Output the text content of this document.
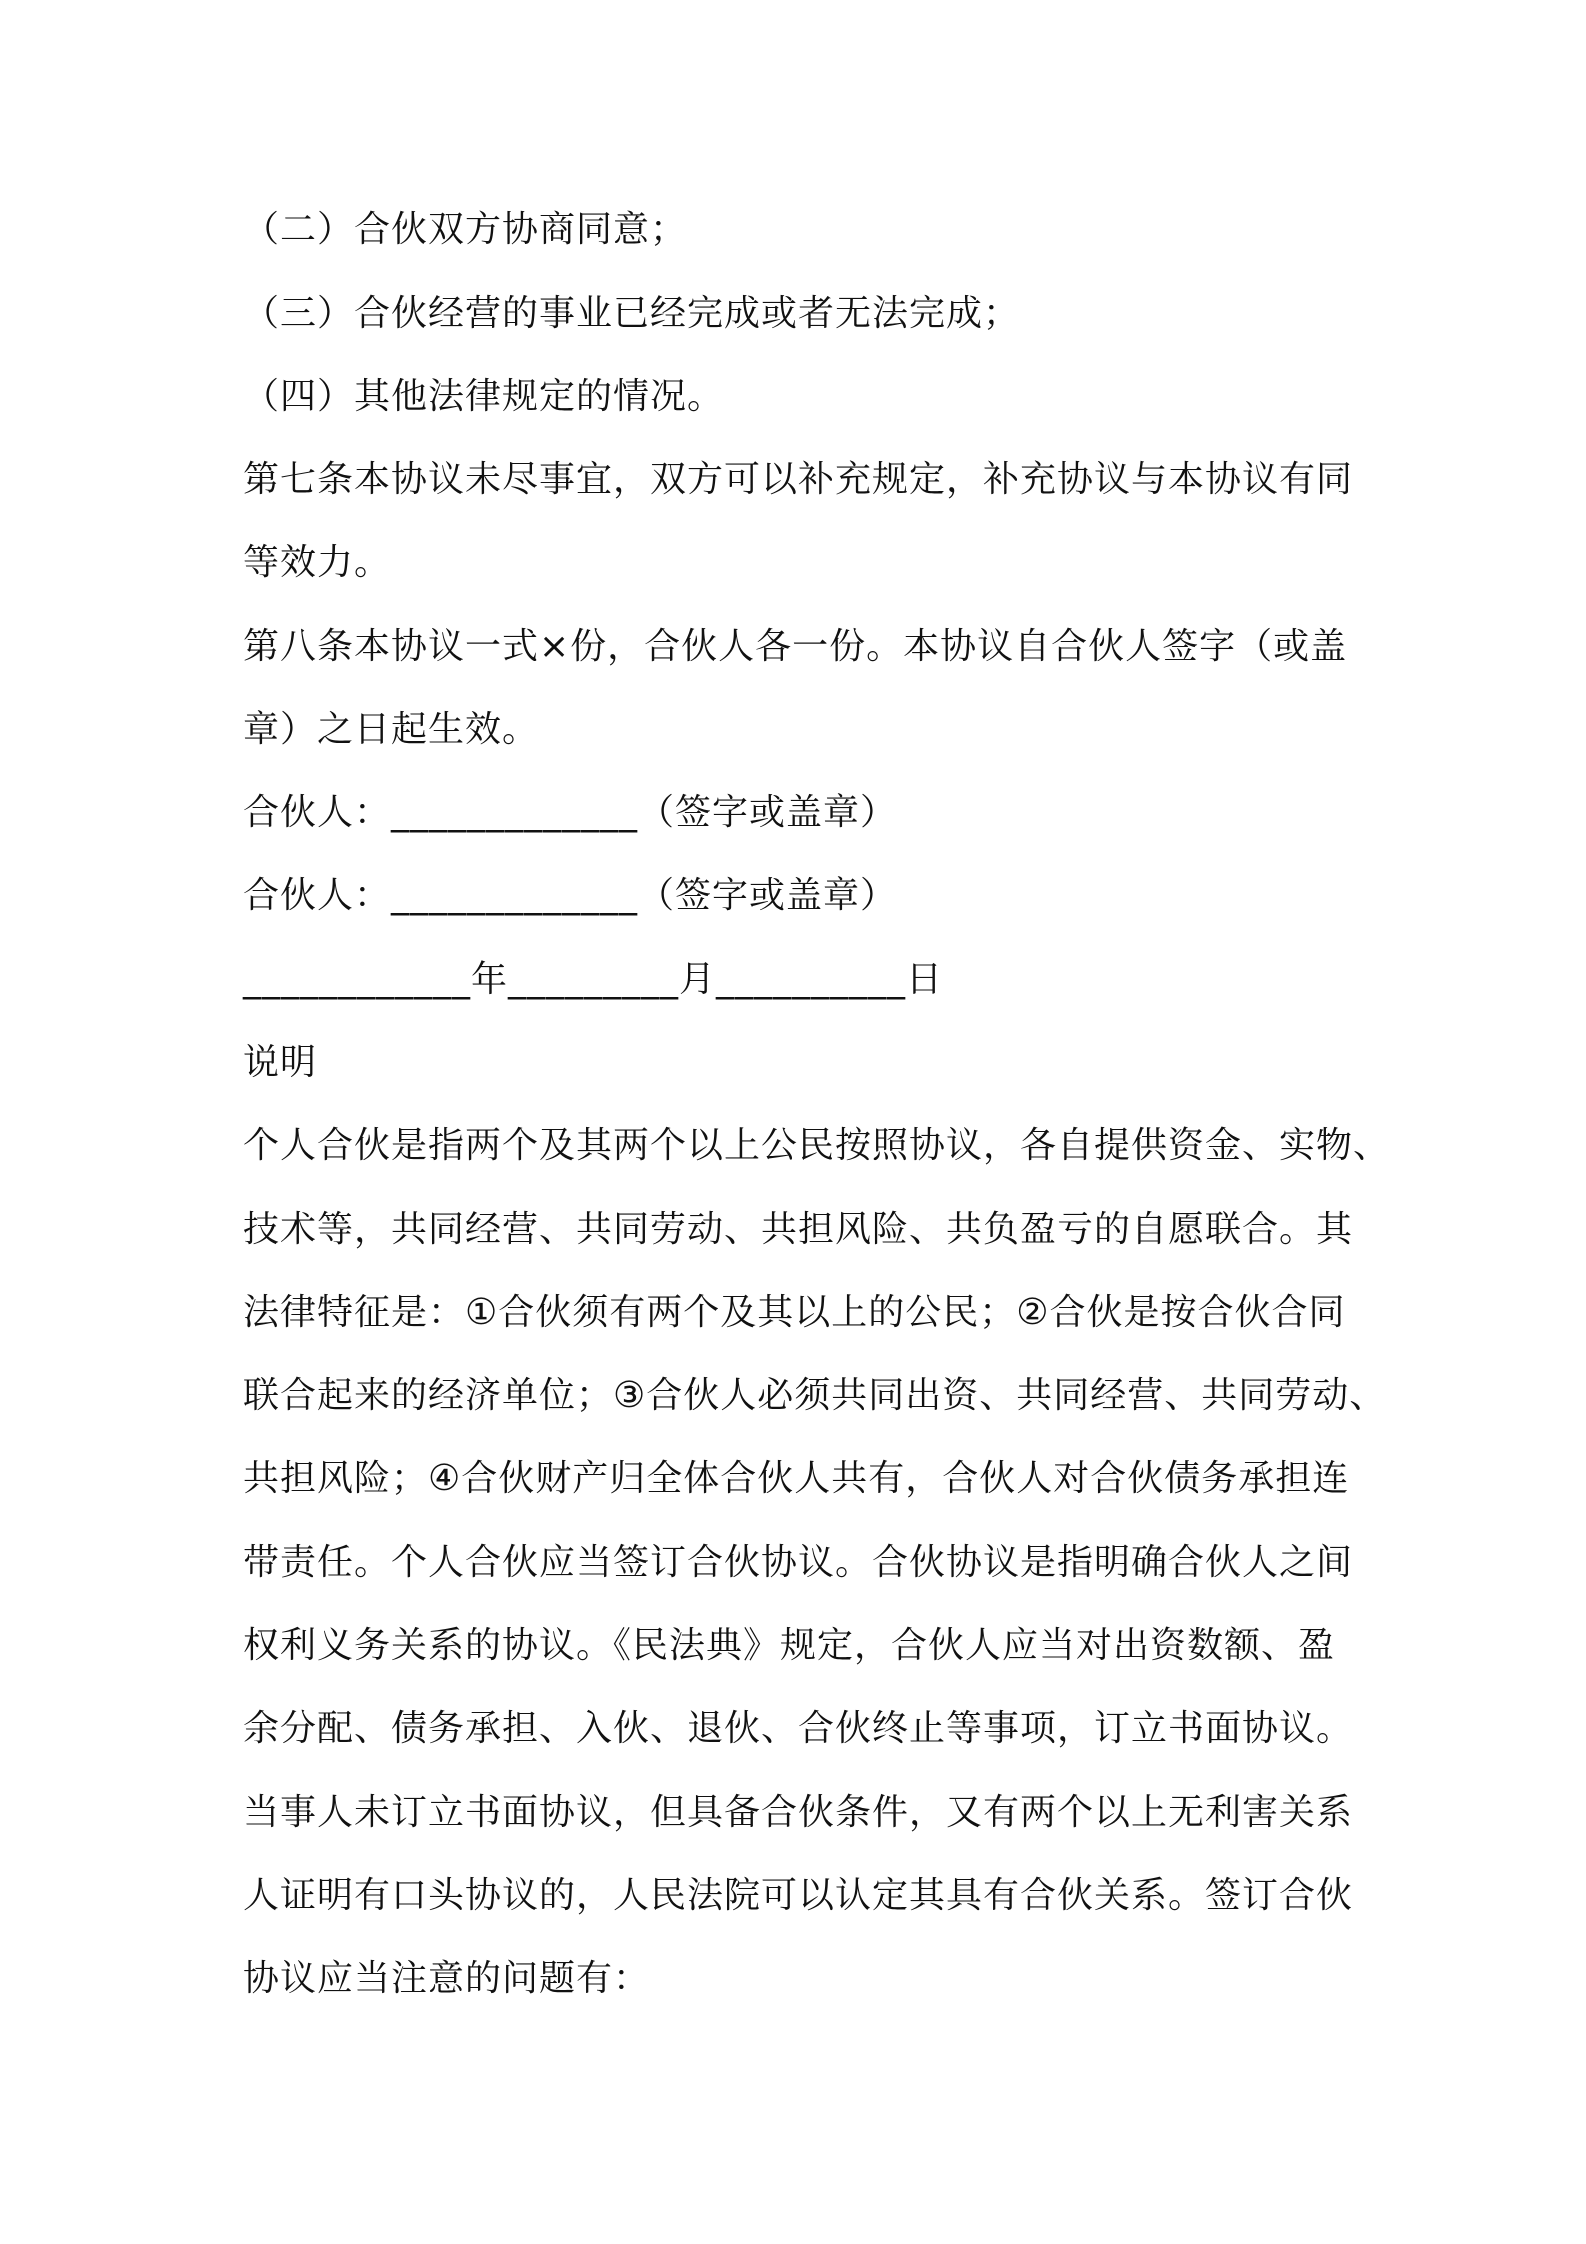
（二）合伙双方协商同意；
（三）合伙经营的事业已经完成或者无法完成；
（四）其他法律规定的情况。
第七条本协议未尽事宜，双方可以补充规定，补充协议与本协议有同
等效力。
第八条本协议一式×份，合伙人各一份。本协议自合伙人签字（或盖
章）之日起生效。
合伙人：_____________（签字或盖章）
合伙人：_____________（签字或盖章）
____________年_________月__________日
说明
个人合伙是指两个及其两个以上公民按照协议，各自提供资金、实物、
技术等，共同经营、共同劳动、共担风险、共负盈亏的自愿联合。其
法律特征是：①合伙须有两个及其以上的公民；②合伙是按合伙合同
联合起来的经济单位；③合伙人必须共同出资、共同经营、共同劳动、
共担风险；④合伙财产归全体合伙人共有，合伙人对合伙债务承担连
带责任。个人合伙应当签订合伙协议。合伙协议是指明确合伙人之间
权利义务关系的协议。《民法典》规定，合伙人应当对出资数额、盈
余分配、债务承担、入伙、退伙、合伙终止等事项，订立书面协议。
当事人未订立书面协议，但具备合伙条件，又有两个以上无利害关系
人证明有口头协议的，人民法院可以认定其具有合伙关系。签订合伙
协议应当注意的问题有：
